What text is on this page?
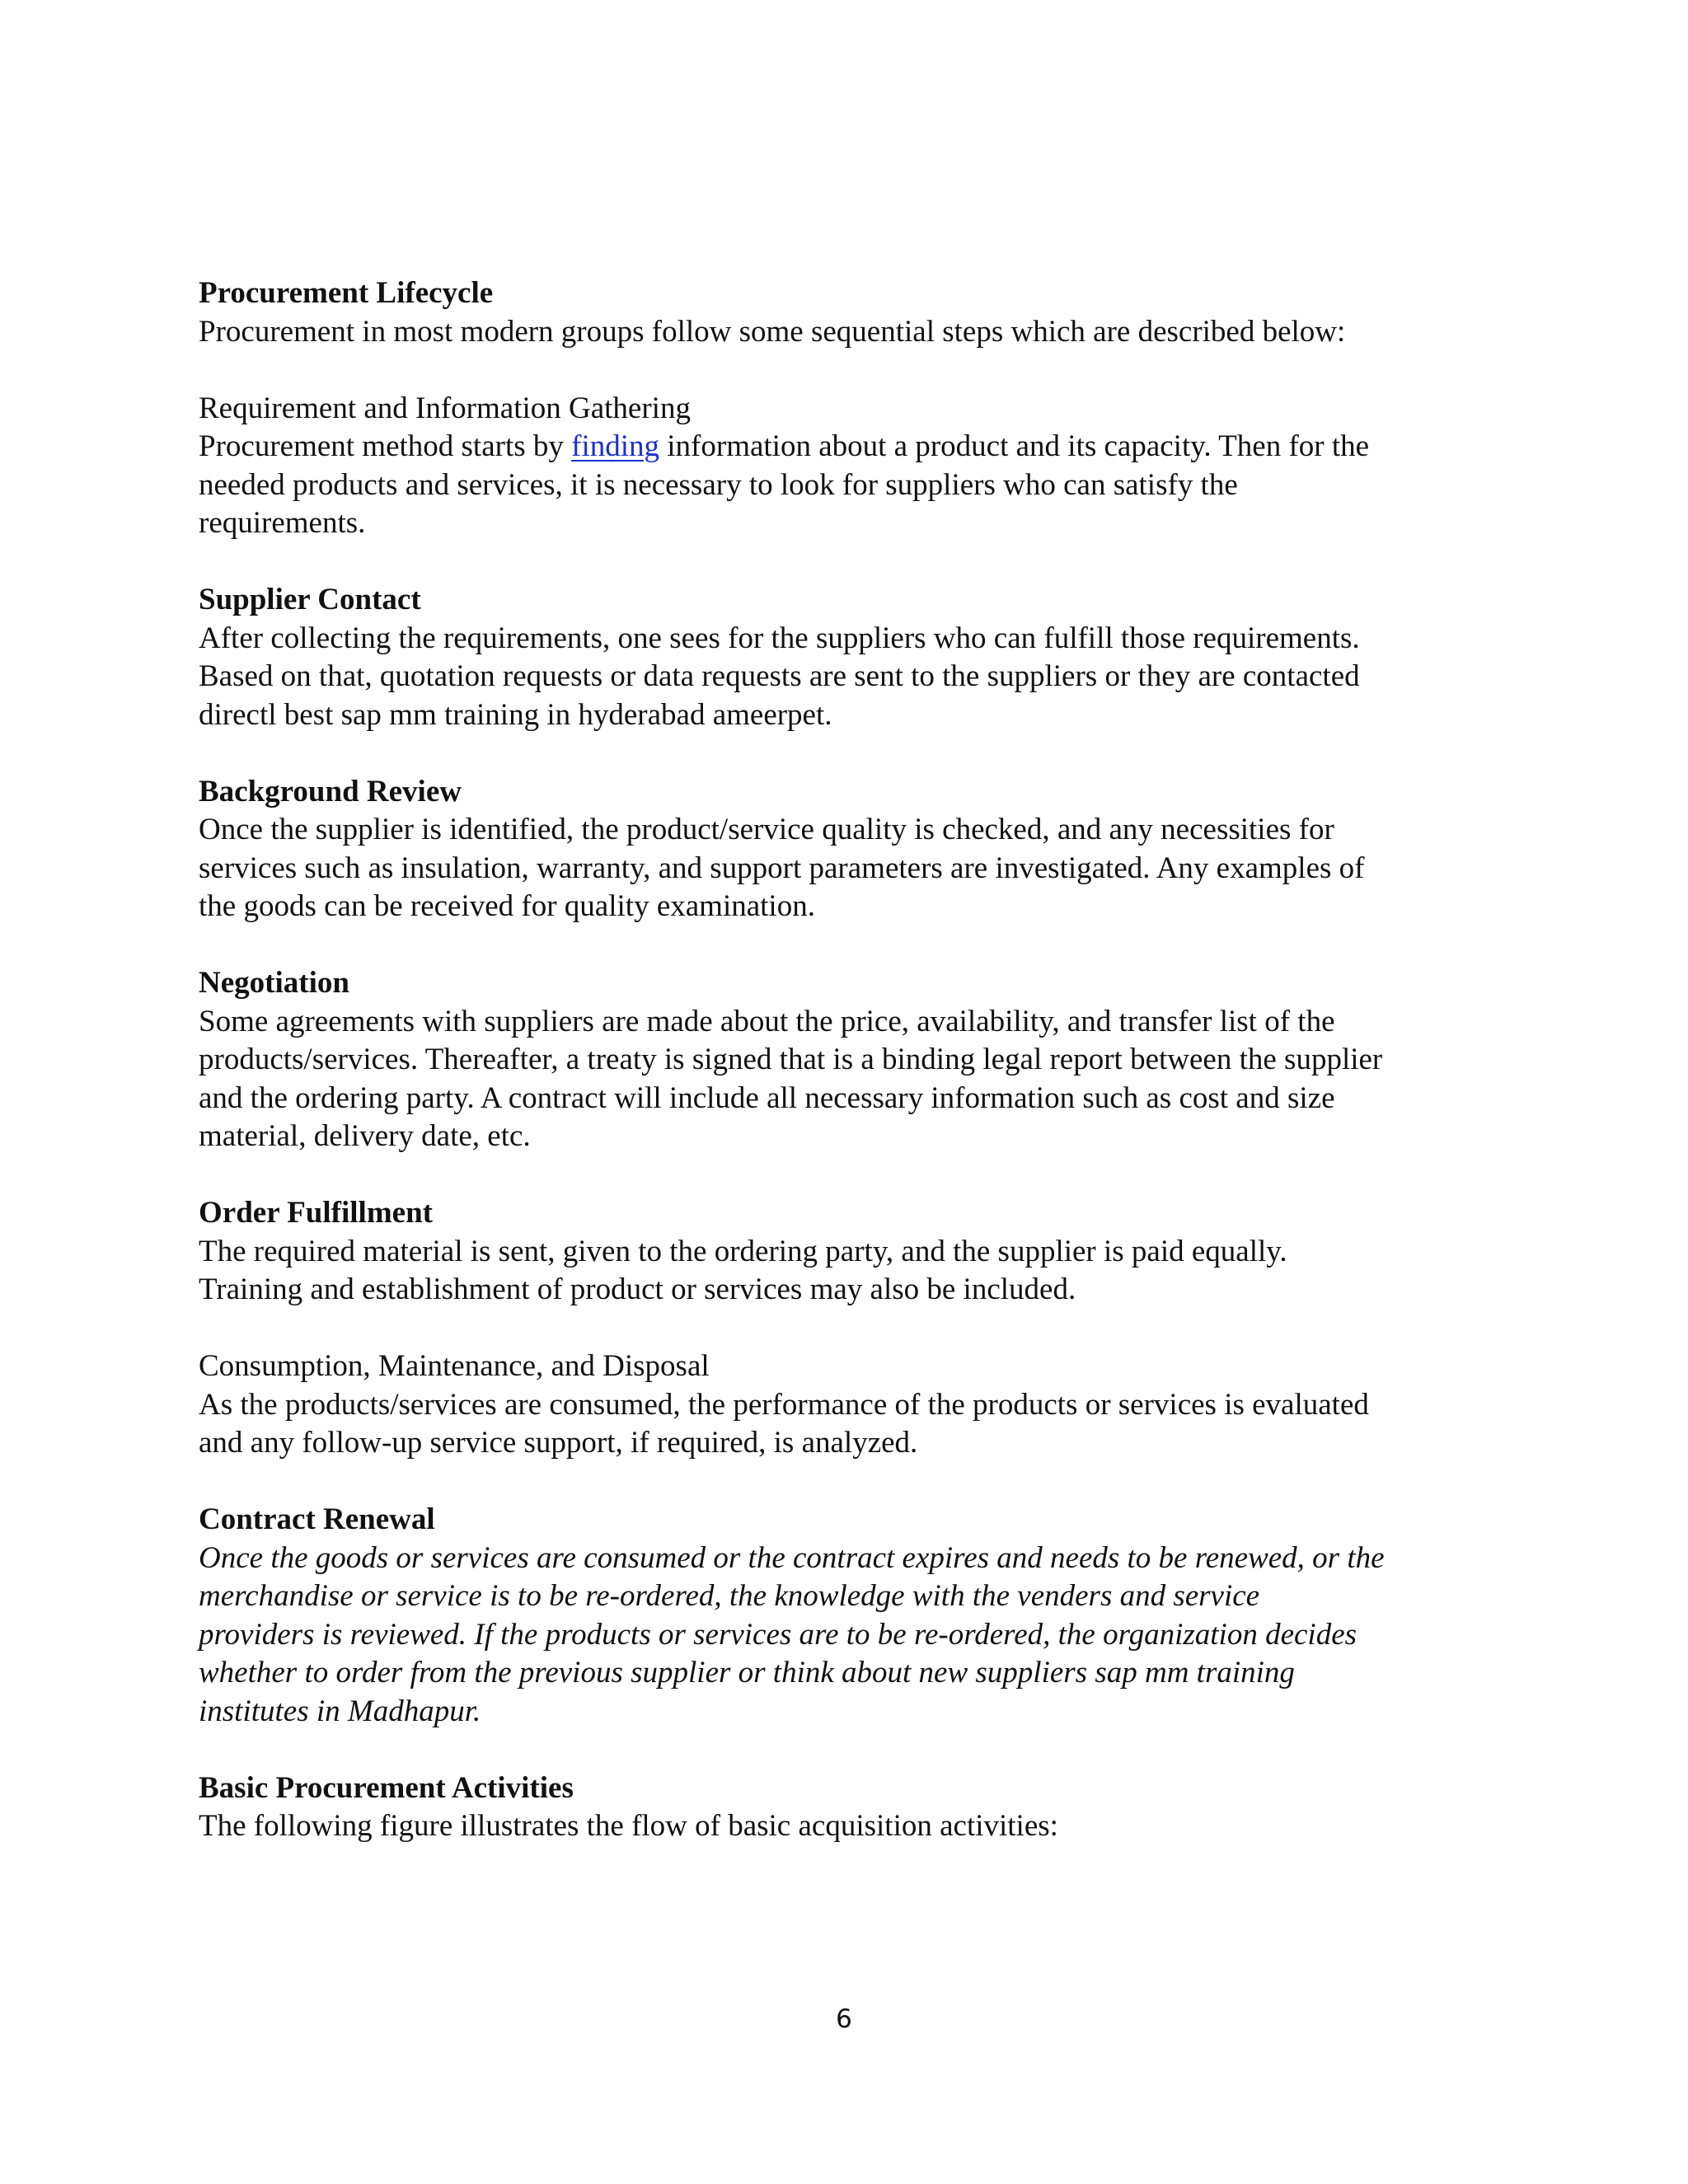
Procurement Lifecycle
Procurement in most modern groups follow some sequential steps which are described below:
Requirement and Information Gathering
Procurement method starts by finding information about a product and its capacity. Then for the
needed products and services, it is necessary to look for suppliers who can satisfy the
requirements.
Supplier Contact
After collecting the requirements, one sees for the suppliers who can fulfill those requirements.
Based on that, quotation requests or data requests are sent to the suppliers or they are contacted
directl best sap mm training in hyderabad ameerpet.
Background Review
Once the supplier is identified, the product/service quality is checked, and any necessities for
services such as insulation, warranty, and support parameters are investigated. Any examples of
the goods can be received for quality examination.
Negotiation
Some agreements with suppliers are made about the price, availability, and transfer list of the
products/services. Thereafter, a treaty is signed that is a binding legal report between the supplier
and the ordering party. A contract will include all necessary information such as cost and size
material, delivery date, etc.
Order Fulfillment
The required material is sent, given to the ordering party, and the supplier is paid equally.
Training and establishment of product or services may also be included.
Consumption, Maintenance, and Disposal
As the products/services are consumed, the performance of the products or services is evaluated
and any follow-up service support, if required, is analyzed.
Contract Renewal
Once the goods or services are consumed or the contract expires and needs to be renewed, or the
merchandise or service is to be re-ordered, the knowledge with the venders and service
providers is reviewed. If the products or services are to be re-ordered, the organization decides
whether to order from the previous supplier or think about new suppliers sap mm training
institutes in Madhapur.
Basic Procurement Activities
The following figure illustrates the flow of basic acquisition activities:
6
